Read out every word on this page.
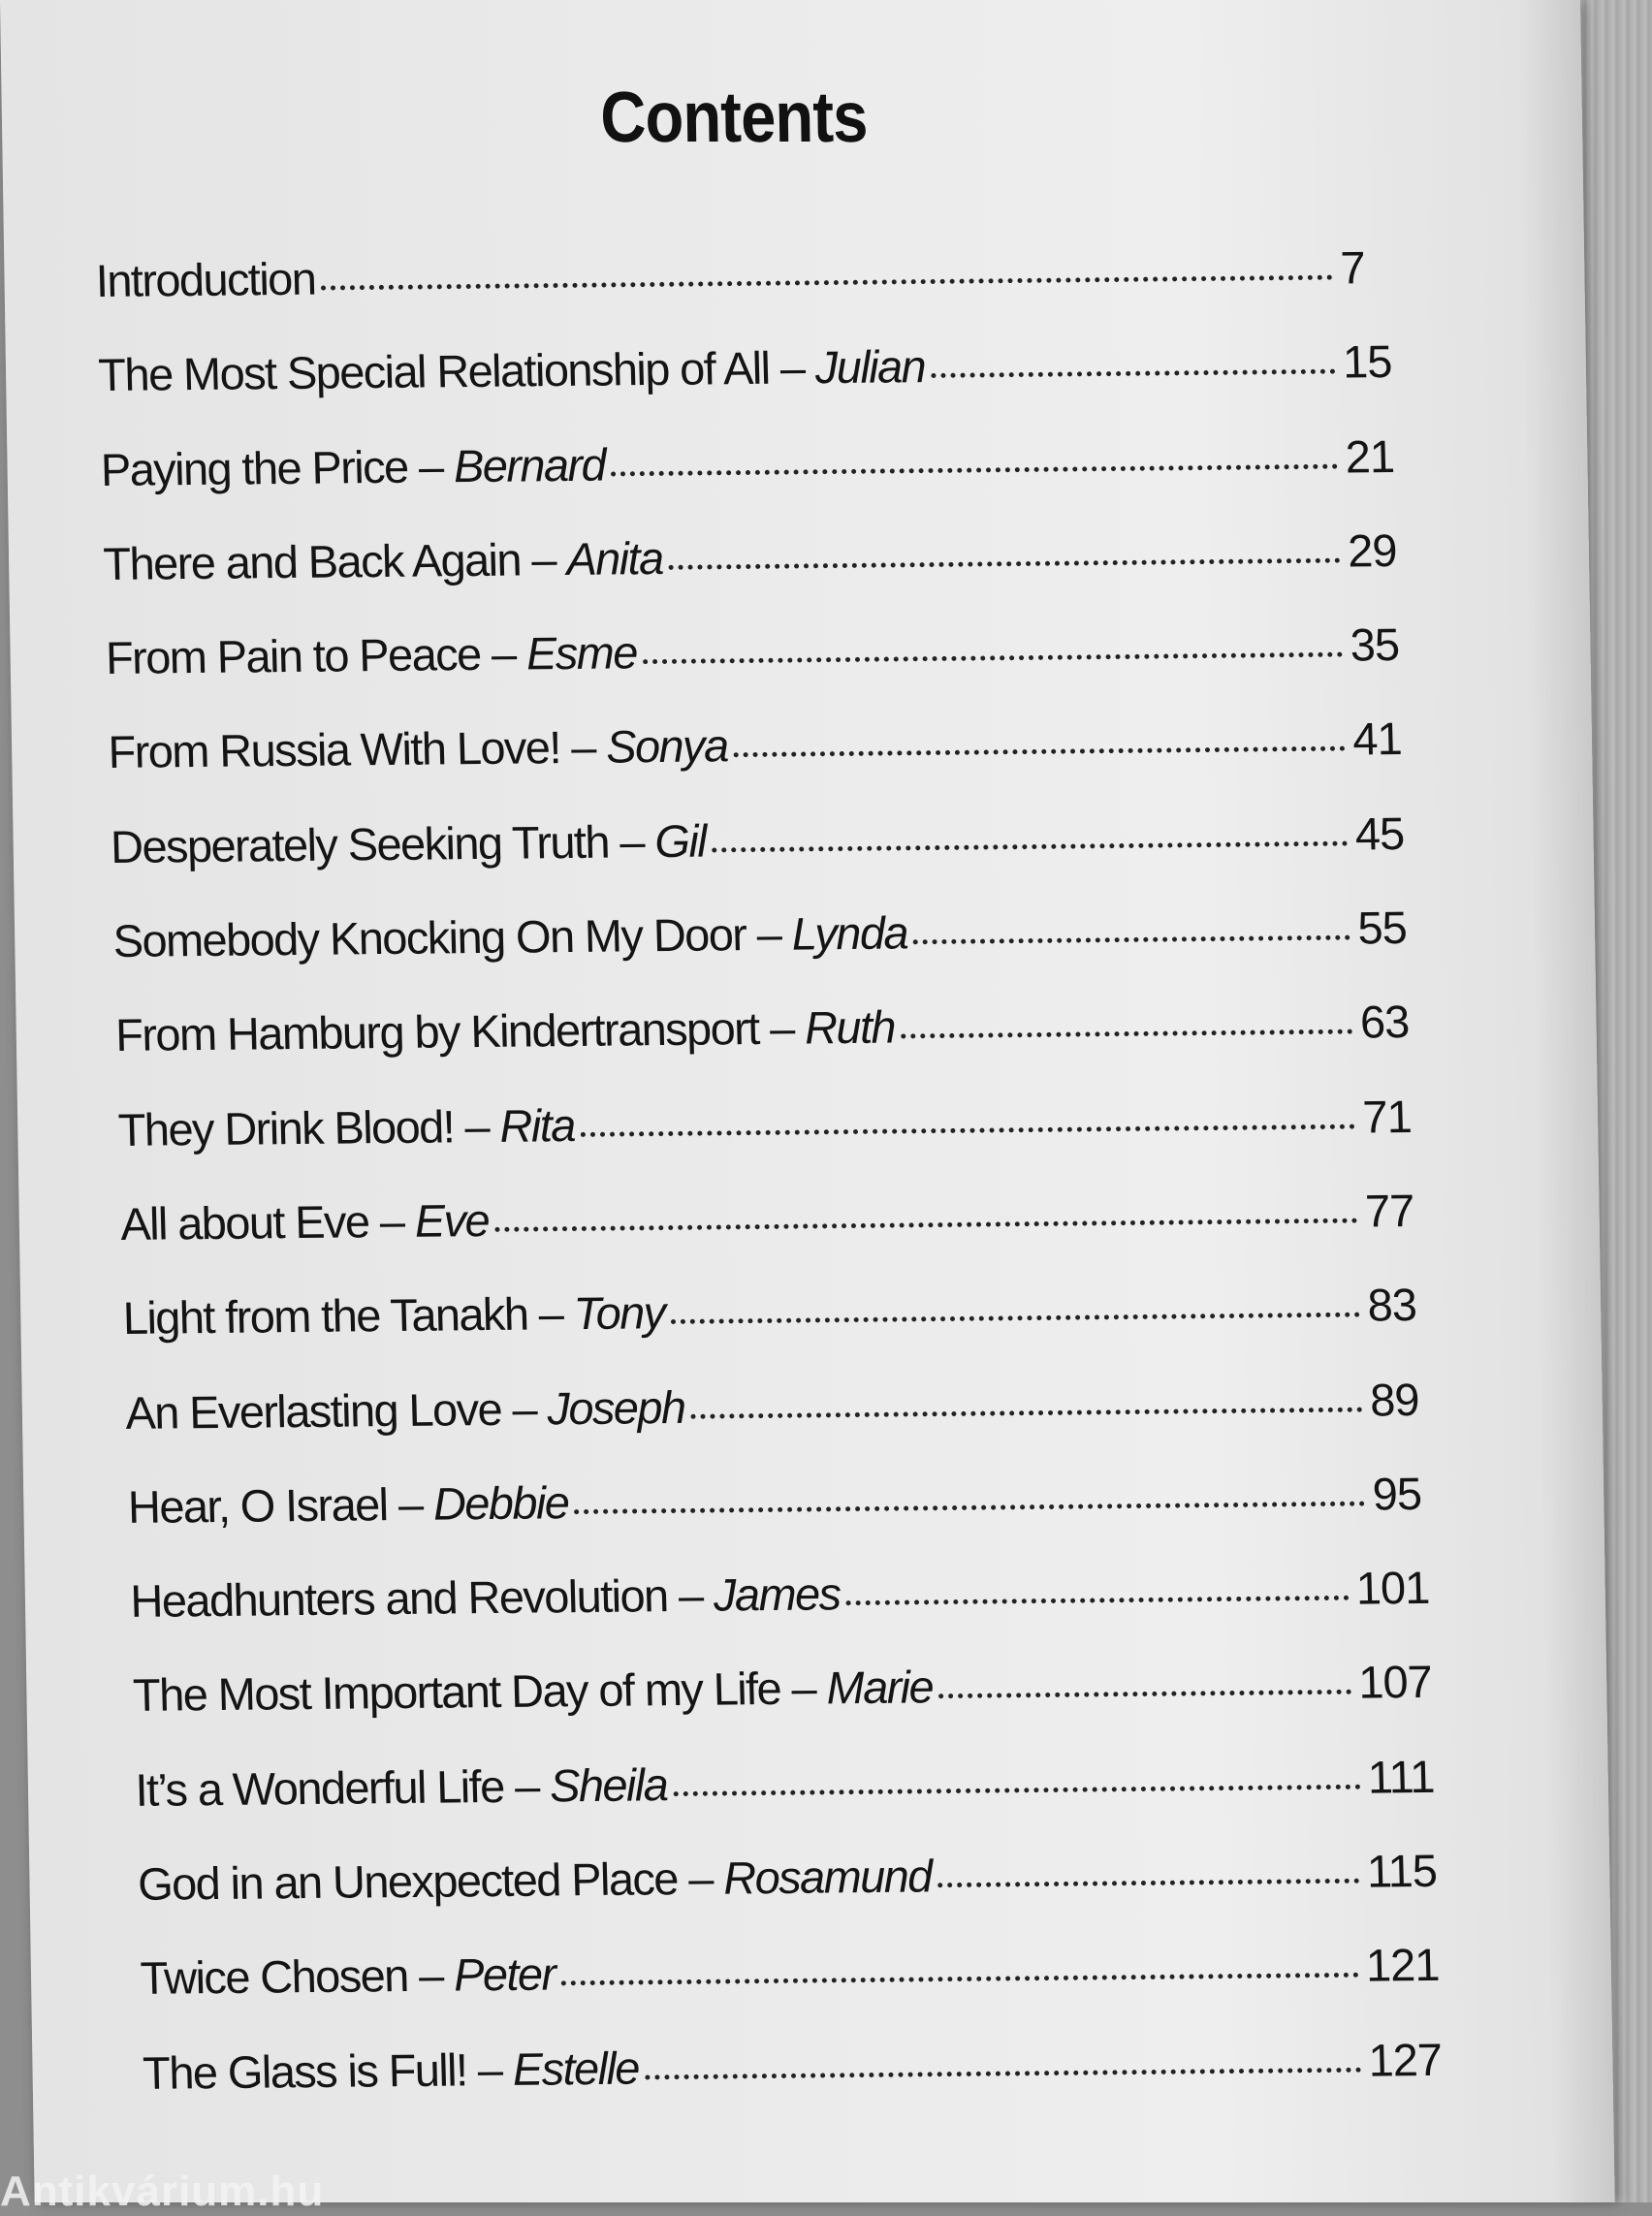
Contents
Introduction	7
The Most Special Relationship of All – Julian	15
Paying the Price – Bernard	21
There and Back Again – Anita	29
From Pain to Peace – Esme	35
From Russia With Love! – Sonya	41
Desperately Seeking Truth – Gil	45
Somebody Knocking On My Door – Lynda	55
From Hamburg by Kindertransport – Ruth	63
They Drink Blood! – Rita	71
All about Eve – Eve	77
Light from the Tanakh – Tony	83
An Everlasting Love – Joseph	89
Hear, O Israel – Debbie	95
Headhunters and Revolution – James	101
The Most Important Day of my Life – Marie	107
It’s a Wonderful Life – Sheila	111
God in an Unexpected Place – Rosamund	115
Twice Chosen – Peter	121
The Glass is Full! – Estelle	127
Antikvárium.hu
